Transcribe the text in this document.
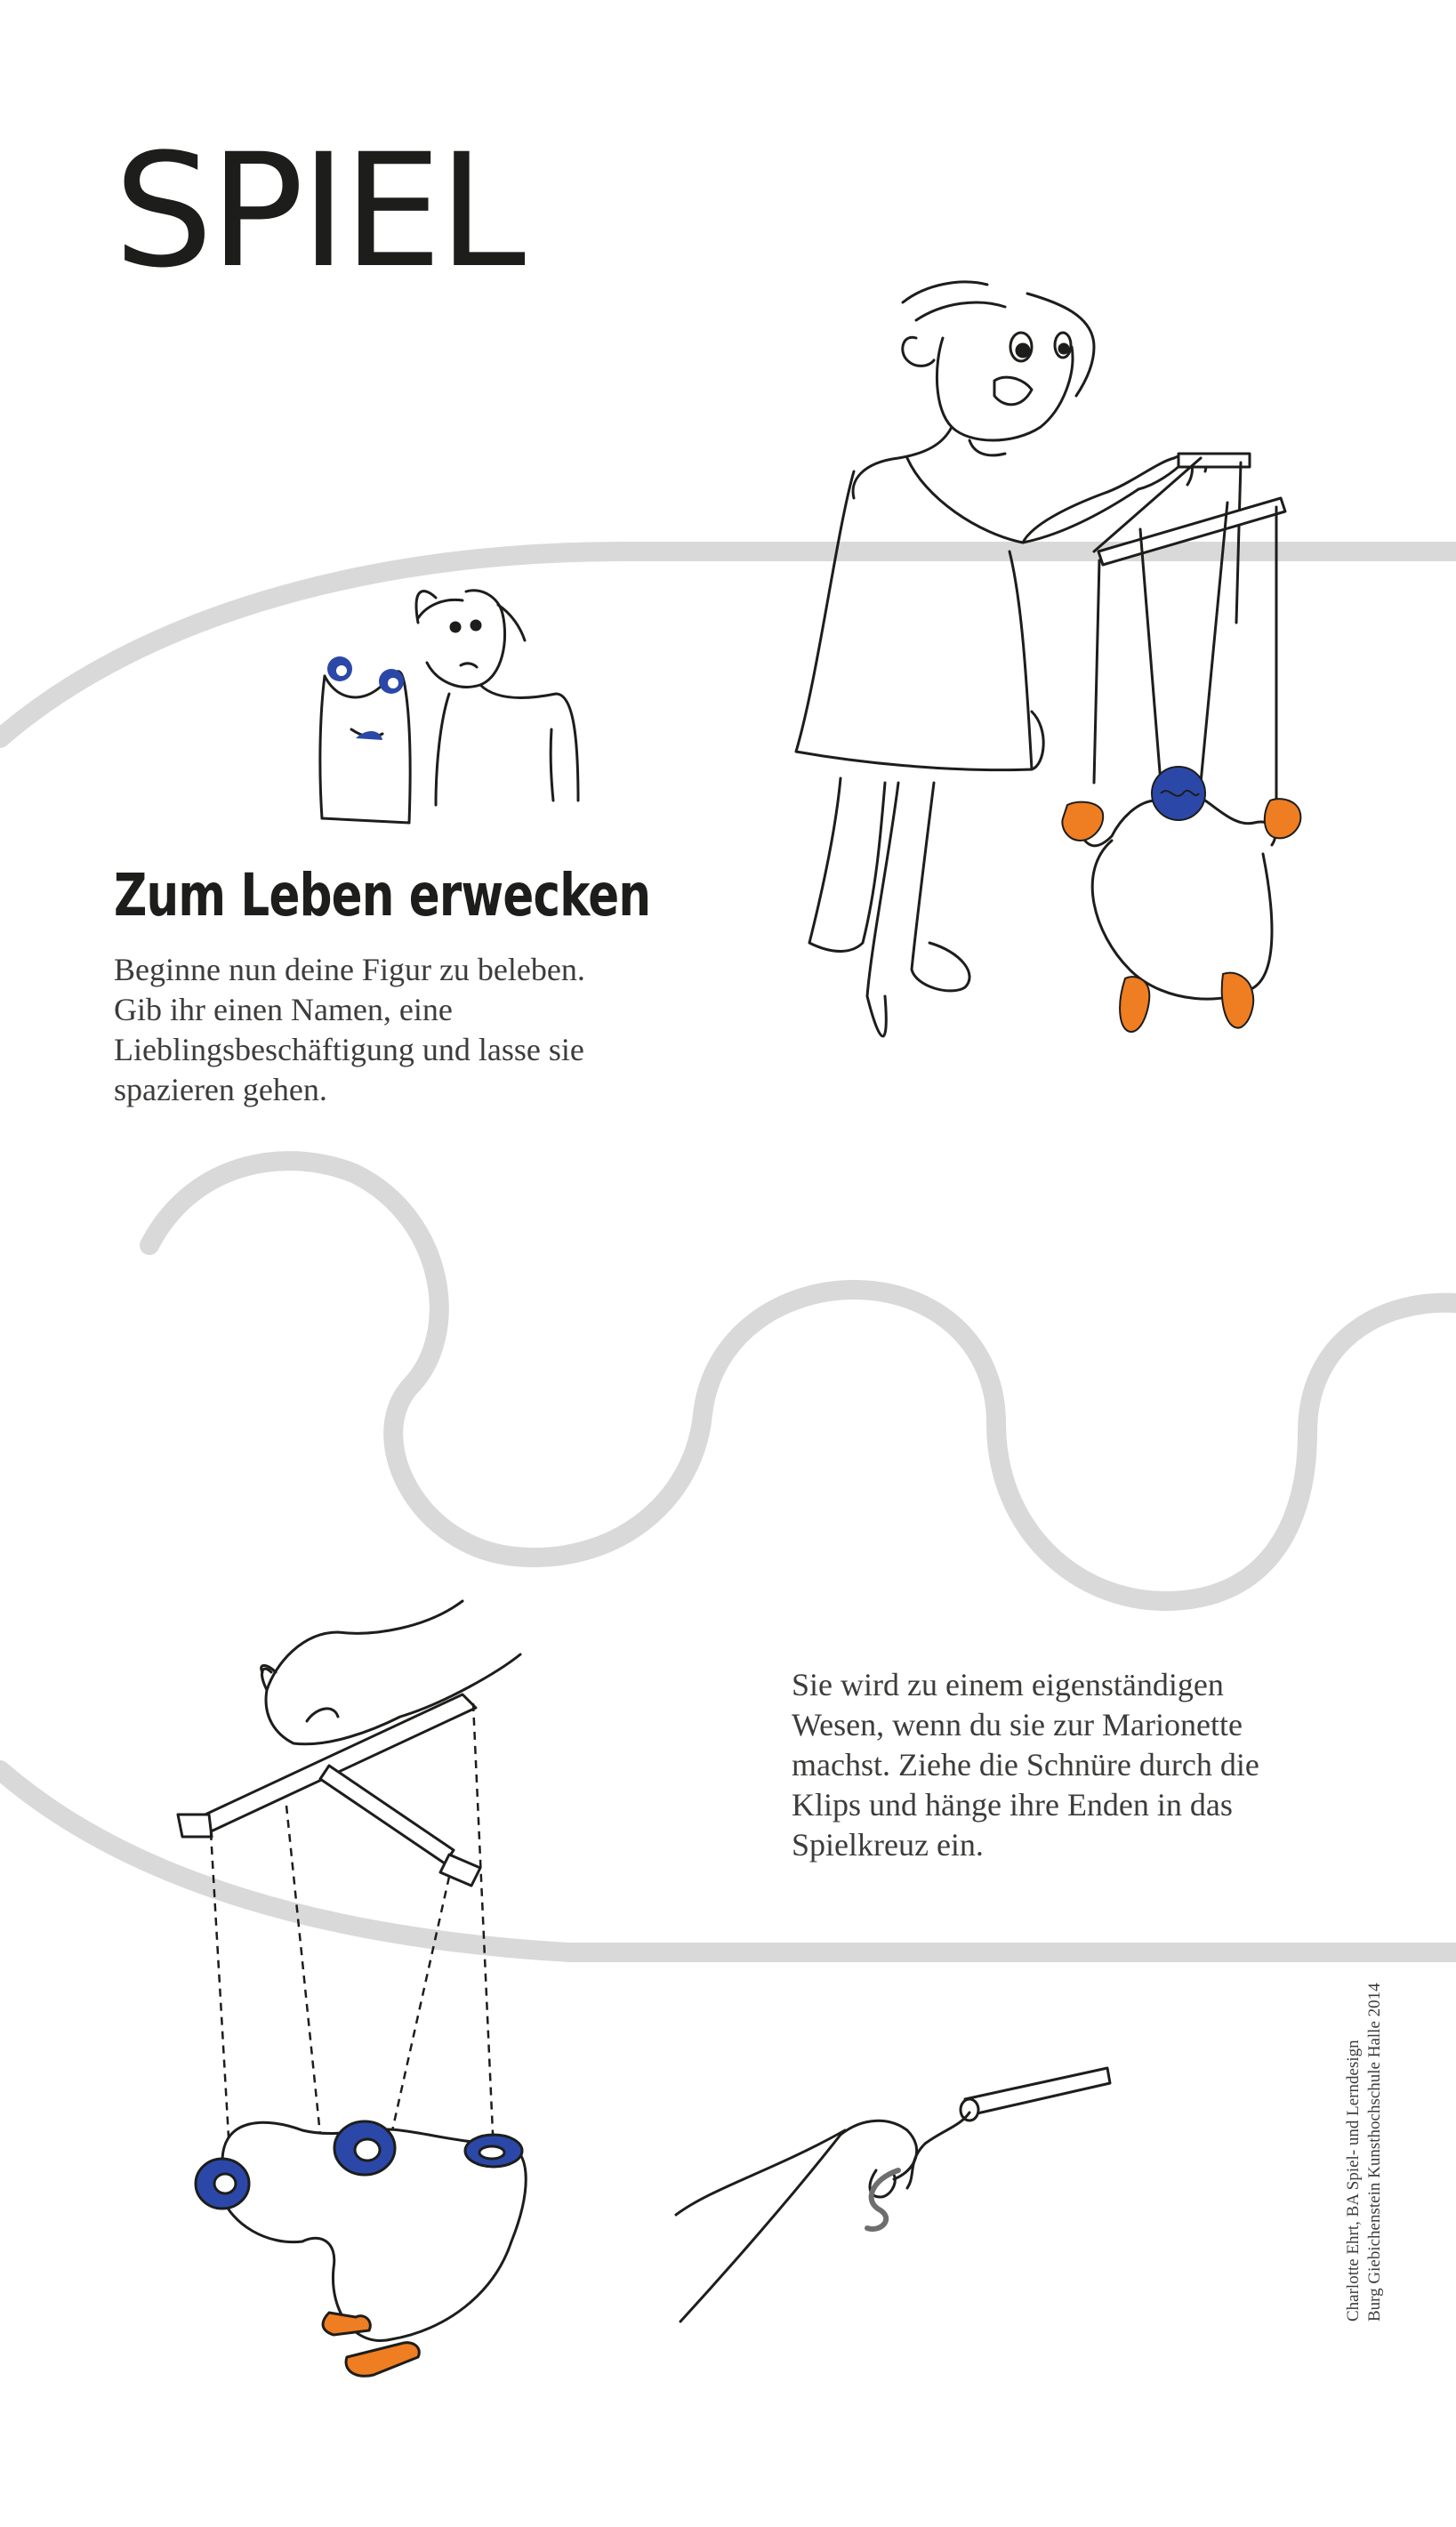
SPIEL
Zum Leben erwecken

Beginne nun deine Figur zu beleben. Gib ihr einen Namen, eine Lieblingsbeschäftigung und lasse sie spazieren gehen.

Sie wird zu einem eigenständigen Wesen, wenn du sie zur Marionette machst. Ziehe die Schnüre durch die Klips und hänge ihre Enden in das Spielkreuz ein.

Charlotte Ehrt, BA Spiel- und Lerndesign Burg Giebichenstein Kunsthochschule Halle 2014
